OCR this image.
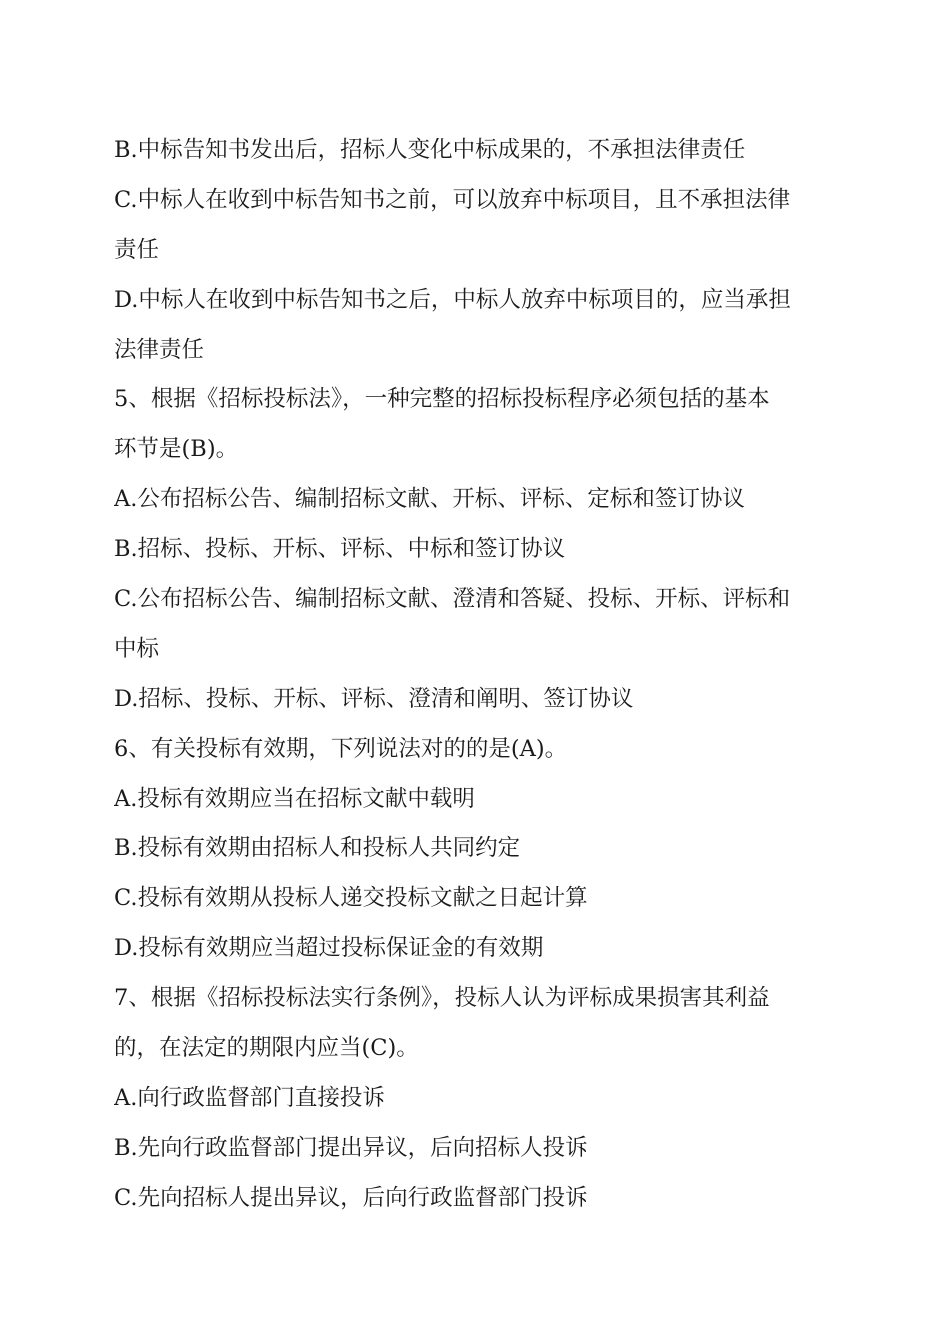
B.中标告知书发出后，招标人变化中标成果的，不承担法律责任
C.中标人在收到中标告知书之前，可以放弃中标项目，且不承担法律
责任
D.中标人在收到中标告知书之后，中标人放弃中标项目的，应当承担
法律责任
5、根据《招标投标法》，一种完整的招标投标程序必须包括的基本
环节是(B)。
A.公布招标公告、编制招标文献、开标、评标、定标和签订协议
B.招标、投标、开标、评标、中标和签订协议
C.公布招标公告、编制招标文献、澄清和答疑、投标、开标、评标和
中标
D.招标、投标、开标、评标、澄清和阐明、签订协议
6、有关投标有效期，下列说法对的的是(A)。
A.投标有效期应当在招标文献中载明
B.投标有效期由招标人和投标人共同约定
C.投标有效期从投标人递交投标文献之日起计算
D.投标有效期应当超过投标保证金的有效期
7、根据《招标投标法实行条例》，投标人认为评标成果损害其利益
的，在法定的期限内应当(C)。
A.向行政监督部门直接投诉
B.先向行政监督部门提出异议，后向招标人投诉
C.先向招标人提出异议，后向行政监督部门投诉
